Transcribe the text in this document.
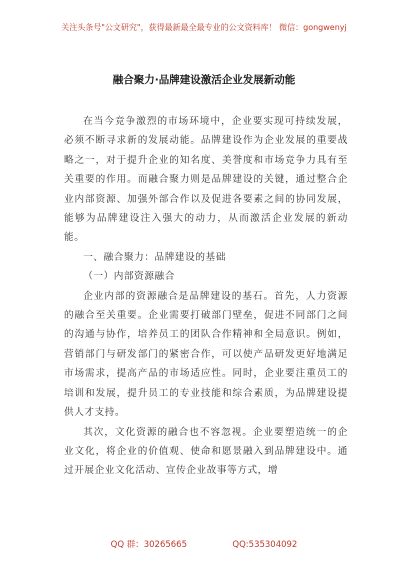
关注头条号"公文研究"，获得最新最全最专业的公文资料库！ 微信：gongwenyj
融合聚力·品牌建设激活企业发展新动能

在当今竞争激烈的市场环境中，企业要实现可持续发展，必须不断寻求新的发展动能。品牌建设作为企业发展的重要战略之一，对于提升企业的知名度、美誉度和市场竞争力具有至关重要的作用。而融合聚力则是品牌建设的关键，通过整合企业内部资源、加强外部合作以及促进各要素之间的协同发展，能够为品牌建设注入强大的动力，从而激活企业发展的新动能。

一、融合聚力：品牌建设的基础

（一）内部资源融合

企业内部的资源融合是品牌建设的基石。首先，人力资源的融合至关重要。企业需要打破部门壁垒，促进不同部门之间的沟通与协作，培养员工的团队合作精神和全局意识。例如，营销部门与研发部门的紧密合作，可以使产品研发更好地满足市场需求，提高产品的市场适应性。同时，企业要注重员工的培训和发展，提升员工的专业技能和综合素质，为品牌建设提供人才支持。

其次，文化资源的融合也不容忽视。企业要塑造统一的企业文化，将企业的价值观、使命和愿景融入到品牌建设中。通过开展企业文化活动、宣传企业故事等方式，增

QQ 群：30265665	QQ:535304092
